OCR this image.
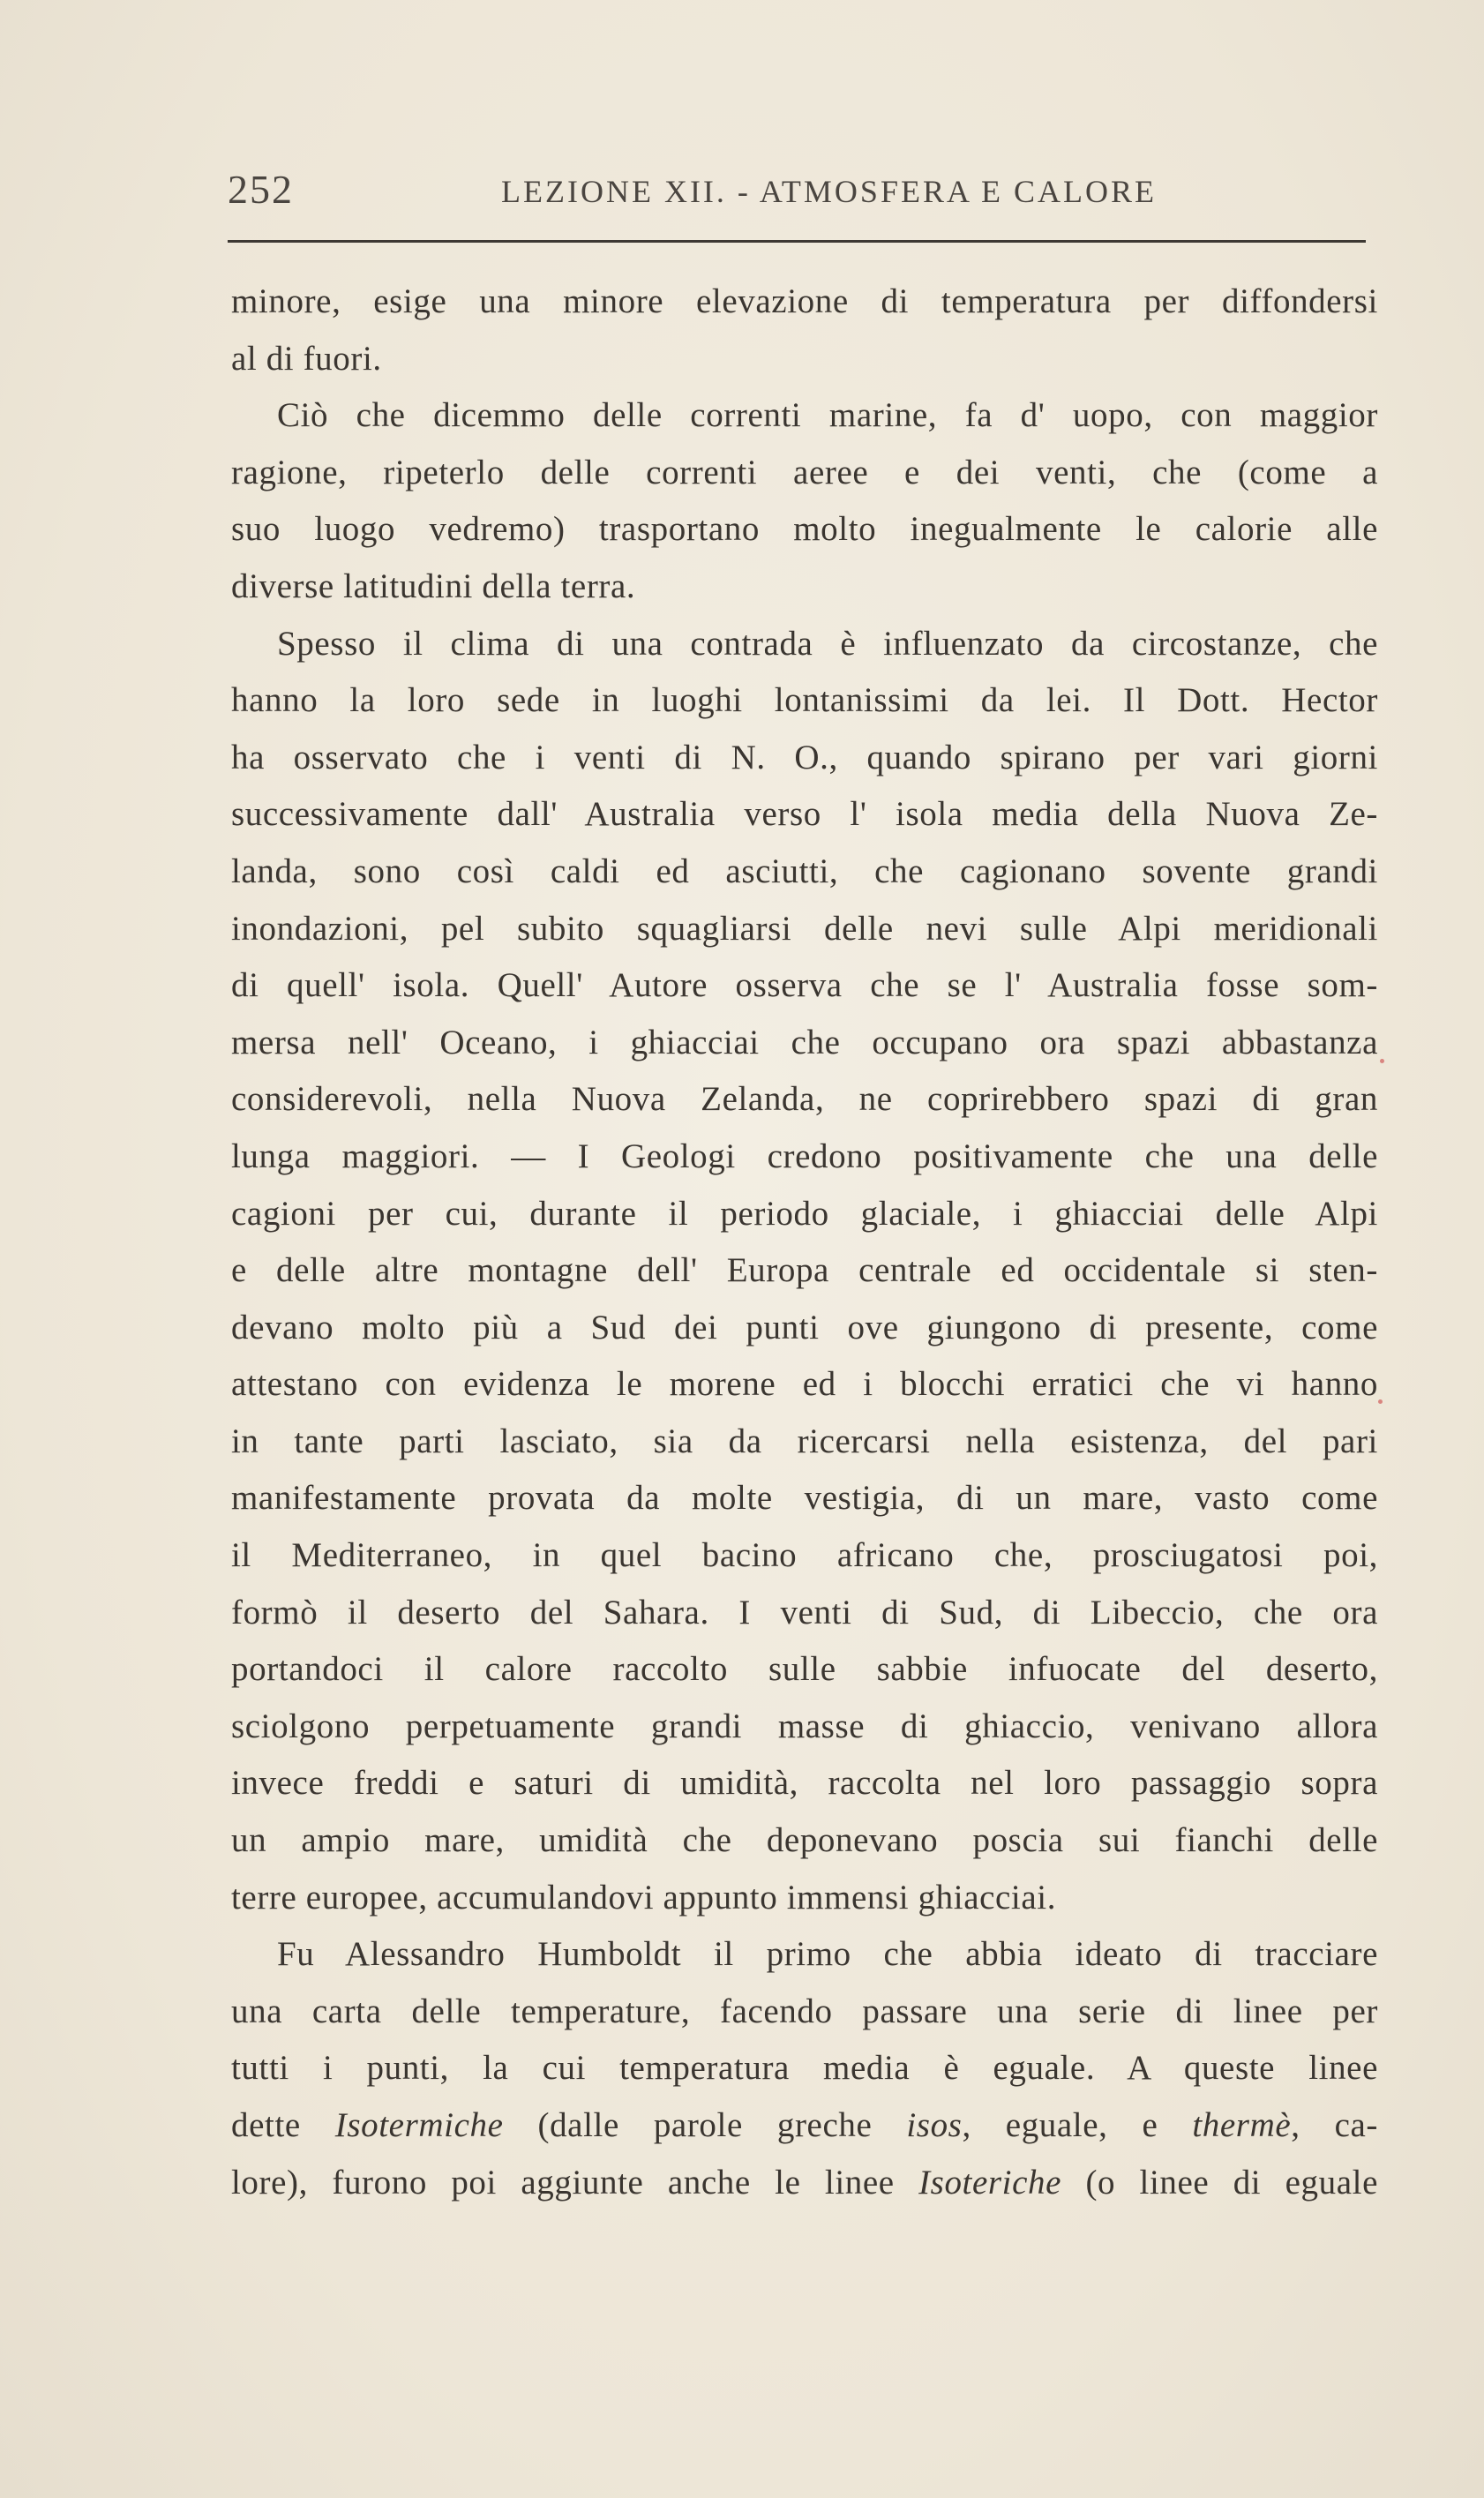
252	LEZIONE XII. - ATMOSFERA E CALORE
minore, esige una minore elevazione di temperatura per diffondersi
al di fuori.
Ciò che dicemmo delle correnti marine, fa d' uopo, con maggior
ragione, ripeterlo delle correnti aeree e dei venti, che (come a
suo luogo vedremo) trasportano molto inegualmente le calorie alle
diverse latitudini della terra.
Spesso il clima di una contrada è influenzato da circostanze, che
hanno la loro sede in luoghi lontanissimi da lei. Il Dott. Hector
ha osservato che i venti di N. O., quando spirano per vari giorni
successivamente dall' Australia verso l' isola media della Nuova Ze-
landa, sono così caldi ed asciutti, che cagionano sovente grandi
inondazioni, pel subito squagliarsi delle nevi sulle Alpi meridionali
di quell' isola. Quell' Autore osserva che se l' Australia fosse som-
mersa nell' Oceano, i ghiacciai che occupano ora spazi abbastanza
considerevoli, nella Nuova Zelanda, ne coprirebbero spazi di gran
lunga maggiori. — I Geologi credono positivamente che una delle
cagioni per cui, durante il periodo glaciale, i ghiacciai delle Alpi
e delle altre montagne dell' Europa centrale ed occidentale si sten-
devano molto più a Sud dei punti ove giungono di presente, come
attestano con evidenza le morene ed i blocchi erratici che vi hanno
in tante parti lasciato, sia da ricercarsi nella esistenza, del pari
manifestamente provata da molte vestigia, di un mare, vasto come
il Mediterraneo, in quel bacino africano che, prosciugatosi poi,
formò il deserto del Sahara. I venti di Sud, di Libeccio, che ora
portandoci il calore raccolto sulle sabbie infuocate del deserto,
sciolgono perpetuamente grandi masse di ghiaccio, venivano allora
invece freddi e saturi di umidità, raccolta nel loro passaggio sopra
un ampio mare, umidità che deponevano poscia sui fianchi delle
terre europee, accumulandovi appunto immensi ghiacciai.
Fu Alessandro Humboldt il primo che abbia ideato di tracciare
una carta delle temperature, facendo passare una serie di linee per
tutti i punti, la cui temperatura media è eguale. A queste linee
dette Isotermiche (dalle parole greche isos, eguale, e thermè, ca-
lore), furono poi aggiunte anche le linee Isoteriche (o linee di eguale
